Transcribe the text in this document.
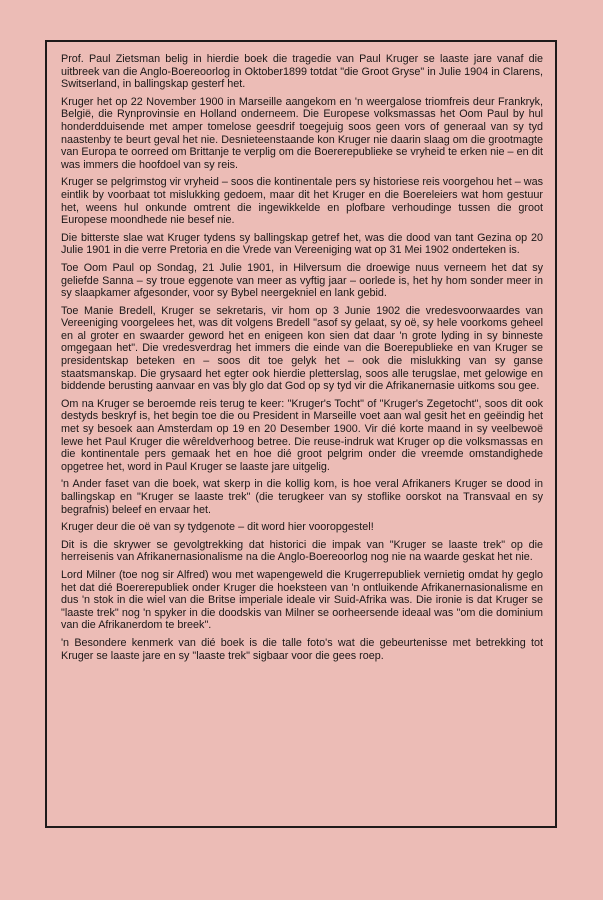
Prof. Paul Zietsman belig in hierdie boek die tragedie van Paul Kruger se laaste jare vanaf die uitbreek van die Anglo-Boereoorlog in Oktober1899 totdat "die Groot Gryse" in Julie 1904 in Clarens, Switserland, in ballingskap gesterf het.

Kruger het op 22 November 1900 in Marseille aangekom en 'n weergalose triomfreis deur Frankryk, België, die Rynprovinsie en Holland onderneem. Die Europese volksmassas het Oom Paul by hul honderdduisende met amper tomelose geesdrif toegejuig soos geen vors of generaal van sy tyd naastenby te beurt geval het nie. Desnieteenstaande kon Kruger nie daarin slaag om die grootmagte van Europa te oorreed om Brittanje te verplig om die Boererepublieke se vryheid te erken nie – en dit was immers die hoofdoel van sy reis.

Kruger se pelgrimstog vir vryheid – soos die kontinentale pers sy historiese reis voorgehou het – was eintlik by voorbaat tot mislukking gedoem, maar dit het Kruger en die Boereleiers wat hom gestuur het, weens hul onkunde omtrent die ingewikkelde en plofbare verhoudinge tussen die groot Europese moondhede nie besef nie.

Die bitterste slae wat Kruger tydens sy ballingskap getref het, was die dood van tant Gezina op 20 Julie 1901 in die verre Pretoria en die Vrede van Vereeniging wat op 31 Mei 1902 onderteken is.

Toe Oom Paul op Sondag, 21 Julie 1901, in Hilversum die droewige nuus verneem het dat sy geliefde Sanna – sy troue eggenote van meer as vyftig jaar – oorlede is, het hy hom sonder meer in sy slaapkamer afgesonder, voor sy Bybel neergekniel en lank gebid.

Toe Manie Bredell, Kruger se sekretaris, vir hom op 3 Junie 1902 die vredesvoorwaardes van Vereeniging voorgelees het, was dit volgens Bredell "asof sy gelaat, sy oë, sy hele voorkoms geheel en al groter en swaarder geword het en enigeen kon sien dat daar 'n grote lyding in sy binneste omgegaan het". Die vredesverdrag het immers die einde van die Boerepublieke en van Kruger se presidentskap beteken en – soos dit toe gelyk het – ook die mislukking van sy ganse staatsmanskap. Die grysaard het egter ook hierdie pletterslag, soos alle terugslae, met gelowige en biddende berusting aanvaar en vas bly glo dat God op sy tyd vir die Afrikanernasie uitkoms sou gee.

Om na Kruger se beroemde reis terug te keer: "Kruger's Tocht" of "Kruger's Zegetocht", soos dit ook destyds beskryf is, het begin toe die ou President in Marseille voet aan wal gesit het en geëindig het met sy besoek aan Amsterdam op 19 en 20 Desember 1900. Vir dié korte maand in sy veelbewoë lewe het Paul Kruger die wêreldverhoog betree. Die reuse-indruk wat Kruger op die volksmassas en die kontinentale pers gemaak het en hoe dié groot pelgrim onder die vreemde omstandighede opgetree het, word in Paul Kruger se laaste jare uitgelig.

'n Ander faset van die boek, wat skerp in die kollig kom, is hoe veral Afrikaners Kruger se dood in ballingskap en "Kruger se laaste trek" (die terugkeer van sy stoflike oorskot na Transvaal en sy begrafnis) beleef en ervaar het.

Kruger deur die oë van sy tydgenote – dit word hier vooropgestel!

Dit is die skrywer se gevolgtrekking dat historici die impak van "Kruger se laaste trek" op die herreisenis van Afrikanernasionalisme na die Anglo-Boereoorlog nog nie na waarde geskat het nie.

Lord Milner (toe nog sir Alfred) wou met wapengeweld die Krugerrepubliek vernietig omdat hy geglo het dat dié Boererepubliek onder Kruger die hoeksteen van 'n ontluikende Afrikanernasionalisme en dus 'n stok in die wiel van die Britse imperiale ideale vir Suid-Afrika was. Die ironie is dat Kruger se "laaste trek" nog 'n spyker in die doodskis van Milner se oorheersende ideaal was "om die dominium van die Afrikanerdom te breek".

'n Besondere kenmerk van dié boek is die talle foto's wat die gebeurtenisse met betrekking tot Kruger se laaste jare en sy "laaste trek" sigbaar voor die gees roep.
